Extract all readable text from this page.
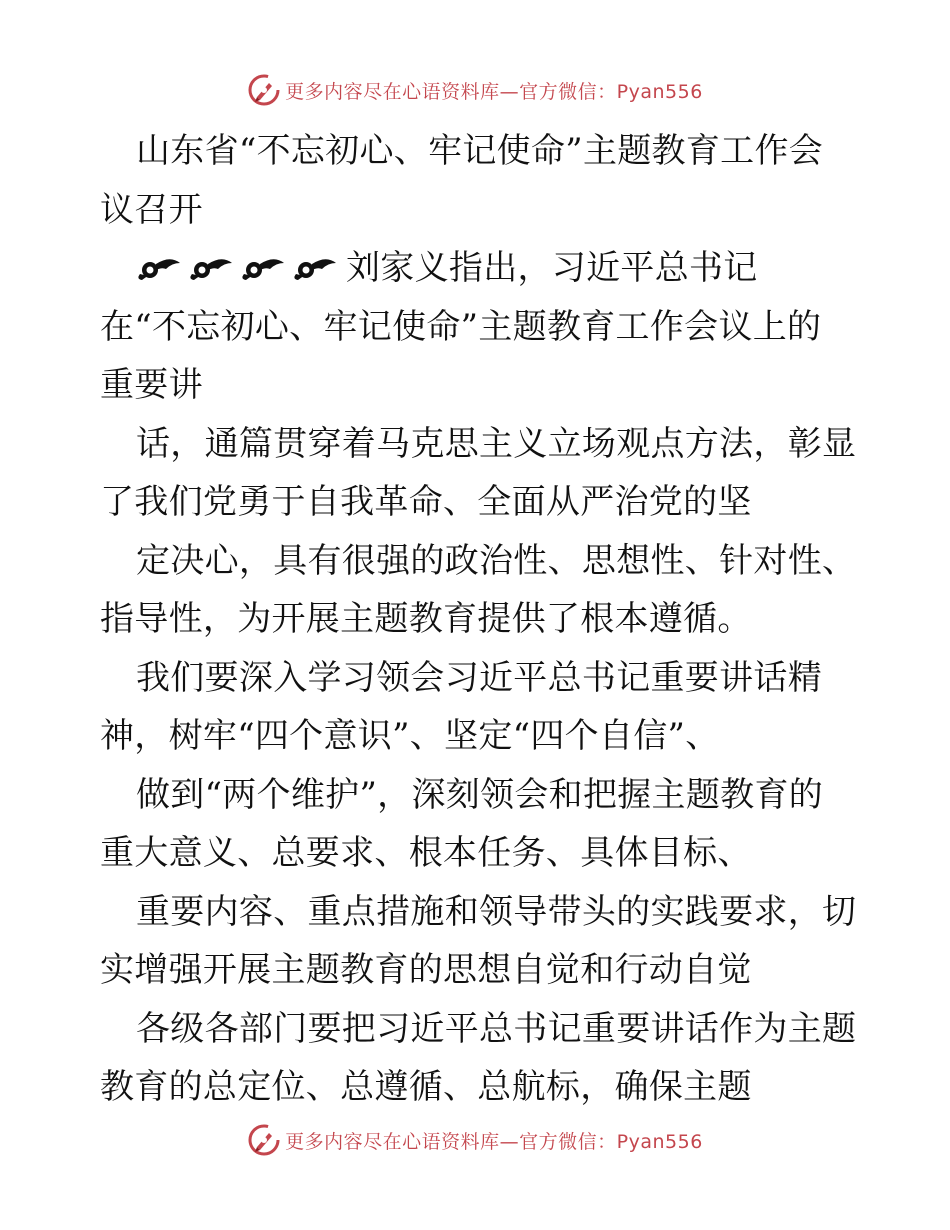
更多内容尽在心语资料库—官方微信：Pyan556
山东省“不忘初心、牢记使命”主题教育工作会
议召开
刘家义指出，习近平总书记
在“不忘初心、牢记使命”主题教育工作会议上的
重要讲
话，通篇贯穿着马克思主义立场观点方法，彰显
了我们党勇于自我革命、全面从严治党的坚
定决心，具有很强的政治性、思想性、针对性、
指导性，为开展主题教育提供了根本遵循。
我们要深入学习领会习近平总书记重要讲话精
神，树牢“四个意识”、坚定“四个自信”、
做到“两个维护”，深刻领会和把握主题教育的
重大意义、总要求、根本任务、具体目标、
重要内容、重点措施和领导带头的实践要求，切
实增强开展主题教育的思想自觉和行动自觉
各级各部门要把习近平总书记重要讲话作为主题
教育的总定位、总遵循、总航标，确保主题
更多内容尽在心语资料库—官方微信：Pyan556
